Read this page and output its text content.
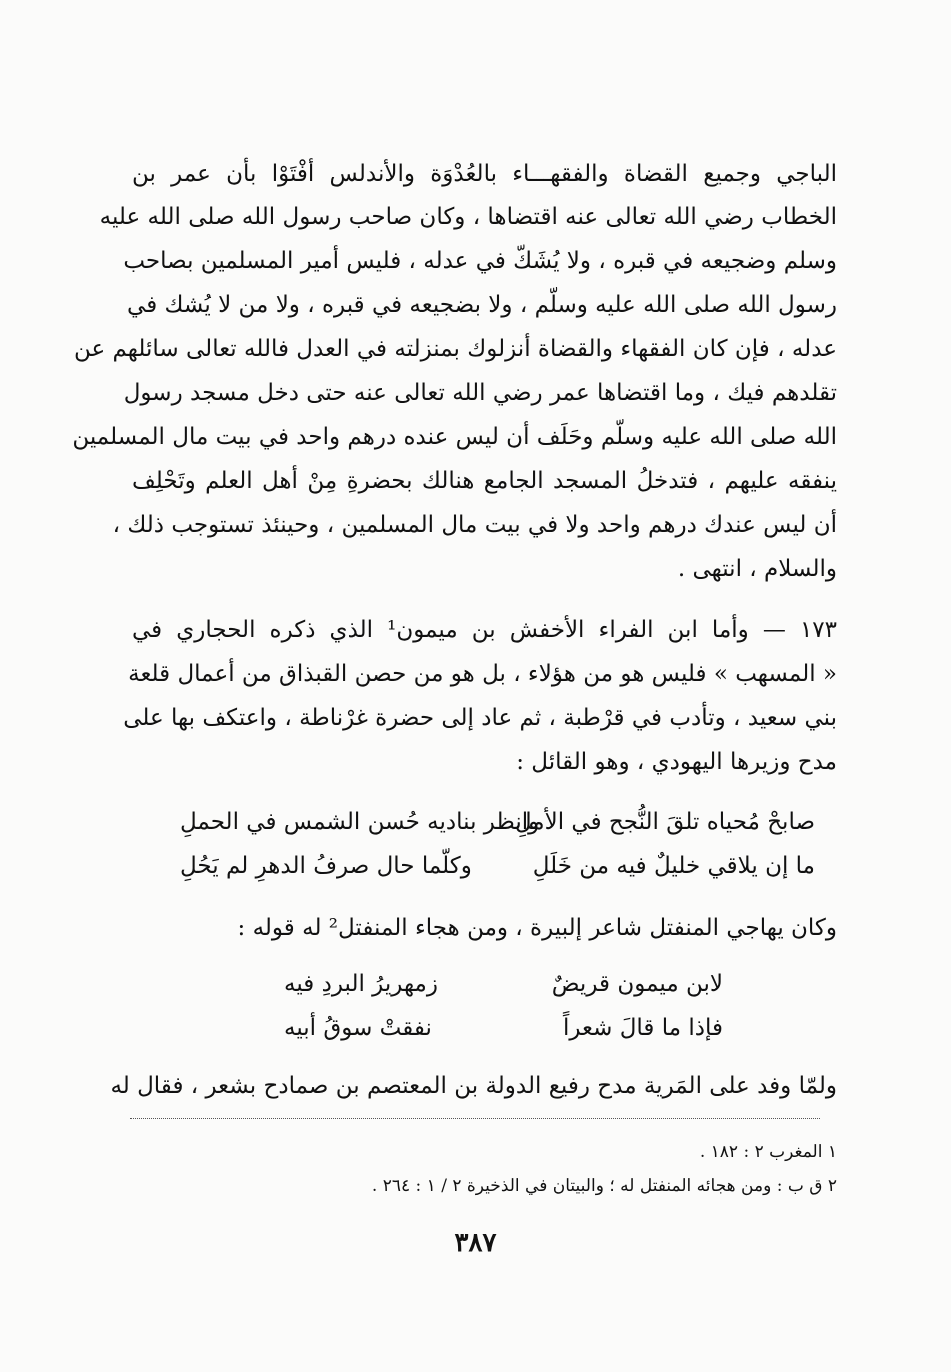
الباجي وجميع القضاة والفقهـــاء بالعُدْوَة والأندلس أفْتَوْا بأن عمر بن
الخطاب رضي الله تعالى عنه اقتضاها ، وكان صاحب رسول الله صلى الله عليه
وسلم وضجيعه في قبره ، ولا يُشَكّ في عدله ، فليس أمير المسلمين بصاحب
رسول الله صلى الله عليه وسلّم ، ولا بضجيعه في قبره ، ولا من لا يُشك في
عدله ، فإن كان الفقهاء والقضاة أنزلوك بمنزلته في العدل فالله تعالى سائلهم عن
تقلدهم فيك ، وما اقتضاها عمر رضي الله تعالى عنه حتى دخل مسجد رسول
الله صلى الله عليه وسلّم وحَلَف أن ليس عنده درهم واحد في بيت مال المسلمين
ينفقه عليهم ، فتدخلُ المسجد الجامع هنالك بحضرةِ مِنْ أهل العلم وتَحْلِف
أن ليس عندك درهم واحد ولا في بيت مال المسلمين ، وحينئذ تستوجب ذلك ،
والسلام ، انتهى .
١٧٣ — وأما ابن الفراء الأخفش بن ميمون¹ الذي ذكره الحجاري في
« المسهب » فليس هو من هؤلاء ، بل هو من حصن القبذاق من أعمال قلعة
بني سعيد ، وتأدب في قرْطبة ، ثم عاد إلى حضرة غرْناطة ، واعتكف بها على
مدح وزيرها اليهودي ، وهو القائل :
صابحْ مُحياه تلقَ النُّجح في الأملِ
وانظر بناديه حُسن الشمس في الحملِ
ما إن يلاقي خليلٌ فيه من خَلَلِ
وكلّما حال صرفُ الدهرِ لم يَحُلِ
وكان يهاجي المنفتل شاعر إلبيرة ، ومن هجاء المنفتل² له قوله :
لابن ميمون قريضٌ
زمهريرُ البردِ فيه
فإذا ما قالَ شعراً
نفقتْ سوقُ أبيه
ولمّا وفد على المَرية مدح رفيع الدولة بن المعتصم بن صمادح بشعر ، فقال له
١ المغرب ٢ : ١٨٢ .
٢ ق ب : ومن هجائه المنفتل له ؛ والبيتان في الذخيرة ٢ / ١ : ٢٦٤ .
٣٨٧
